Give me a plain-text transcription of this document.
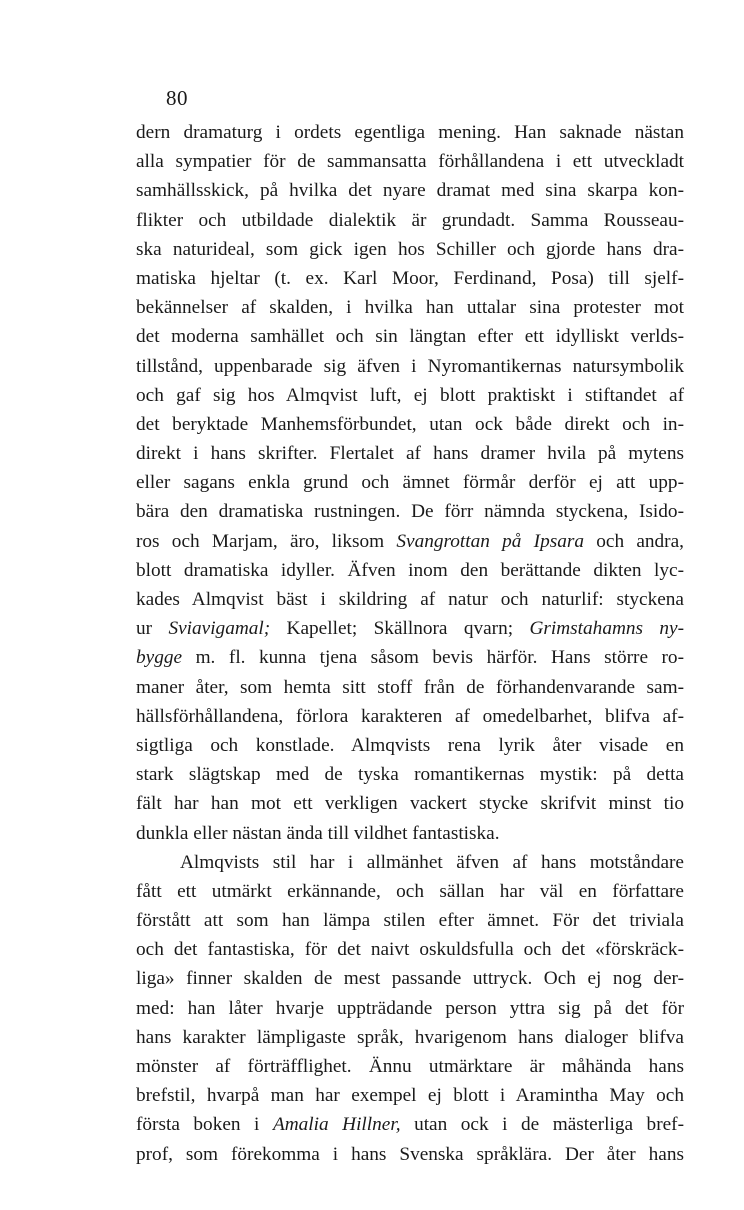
80
dern dramaturg i ordets egentliga mening. Han saknade nästan
alla sympatier för de sammansatta förhållandena i ett utveckladt
samhällsskick, på hvilka det nyare dramat med sina skarpa kon-
flikter och utbildade dialektik är grundadt. Samma Rousseau-
ska naturideal, som gick igen hos Schiller och gjorde hans dra-
matiska hjeltar (t. ex. Karl Moor, Ferdinand, Posa) till sjelf-
bekännelser af skalden, i hvilka han uttalar sina protester mot
det moderna samhället och sin längtan efter ett idylliskt verlds-
tillstånd, uppenbarade sig äfven i Nyromantikernas natursymbolik
och gaf sig hos Almqvist luft, ej blott praktiskt i stiftandet af
det beryktade Manhemsförbundet, utan ock både direkt och in-
direkt i hans skrifter. Flertalet af hans dramer hvila på mytens
eller sagans enkla grund och ämnet förmår derför ej att upp-
bära den dramatiska rustningen. De förr nämnda styckena, Isido-
ros och Marjam, äro, liksom Svangrottan på Ipsara och andra,
blott dramatiska idyller. Äfven inom den berättande dikten lyc-
kades Almqvist bäst i skildring af natur och naturlif: styckena
ur Sviavigamal; Kapellet; Skällnora qvarn; Grimstahamns ny-
bygge m. fl. kunna tjena såsom bevis härför. Hans större ro-
maner åter, som hemta sitt stoff från de förhandenvarande sam-
hällsförhållandena, förlora karakteren af omedelbarhet, blifva af-
sigtliga och konstlade. Almqvists rena lyrik åter visade en
stark slägtskap med de tyska romantikernas mystik: på detta
fält har han mot ett verkligen vackert stycke skrifvit minst tio
dunkla eller nästan ända till vildhet fantastiska.
Almqvists stil har i allmänhet äfven af hans motståndare
fått ett utmärkt erkännande, och sällan har väl en författare
förstått att som han lämpa stilen efter ämnet. För det triviala
och det fantastiska, för det naivt oskuldsfulla och det «förskräck-
liga» finner skalden de mest passande uttryck. Och ej nog der-
med: han låter hvarje uppträdande person yttra sig på det för
hans karakter lämpligaste språk, hvarigenom hans dialoger blifva
mönster af förträfflighet. Ännu utmärktare är måhända hans
brefstil, hvarpå man har exempel ej blott i Aramintha May och
första boken i Amalia Hillner, utan ock i de mästerliga bref-
prof, som förekomma i hans Svenska språklära. Der åter hans
